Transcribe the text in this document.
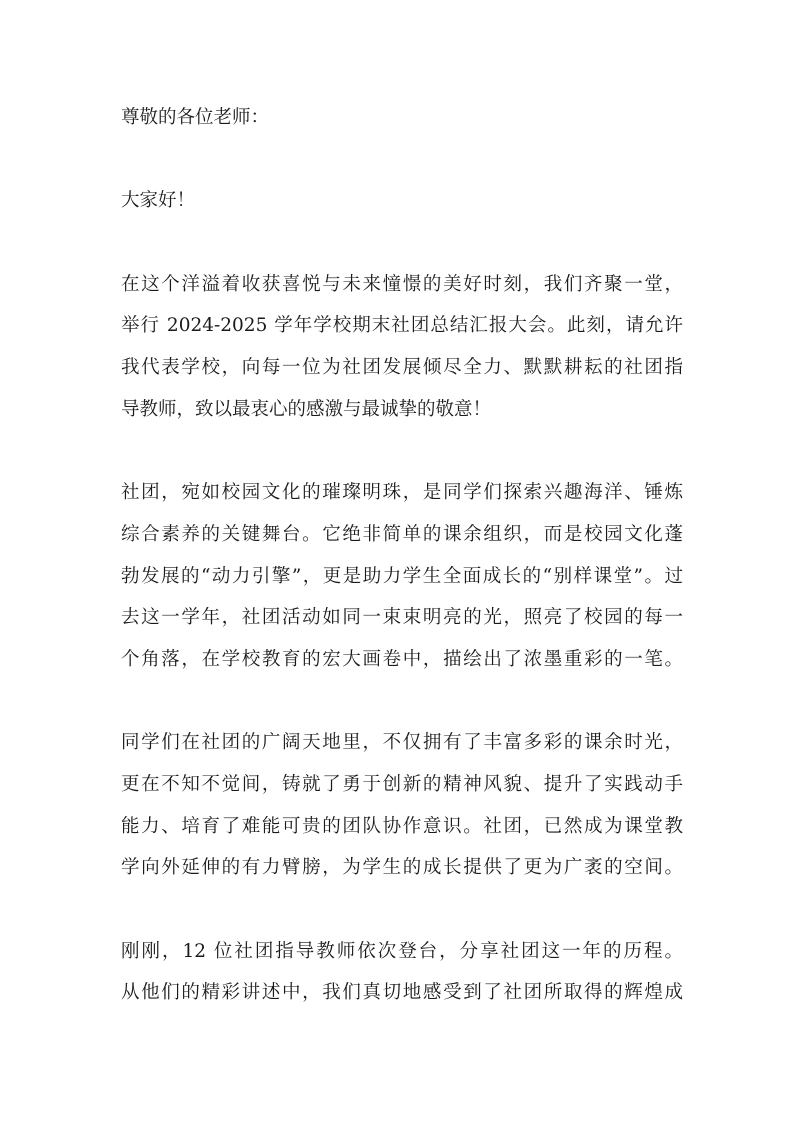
尊敬的各位老师：
大家好！
在这个洋溢着收获喜悦与未来憧憬的美好时刻，我们齐聚一堂，
举行 2024-2025 学年学校期末社团总结汇报大会。此刻，请允许
我代表学校，向每一位为社团发展倾尽全力、默默耕耘的社团指
导教师，致以最衷心的感激与最诚挚的敬意！
社团，宛如校园文化的璀璨明珠，是同学们探索兴趣海洋、锤炼
综合素养的关键舞台。它绝非简单的课余组织，而是校园文化蓬
勃发展的“动力引擎”，更是助力学生全面成长的“别样课堂”。过
去这一学年，社团活动如同一束束明亮的光，照亮了校园的每一
个角落，在学校教育的宏大画卷中，描绘出了浓墨重彩的一笔。
同学们在社团的广阔天地里，不仅拥有了丰富多彩的课余时光，
更在不知不觉间，铸就了勇于创新的精神风貌、提升了实践动手
能力、培育了难能可贵的团队协作意识。社团，已然成为课堂教
学向外延伸的有力臂膀，为学生的成长提供了更为广袤的空间。
刚刚，12 位社团指导教师依次登台，分享社团这一年的历程。
从他们的精彩讲述中，我们真切地感受到了社团所取得的辉煌成
